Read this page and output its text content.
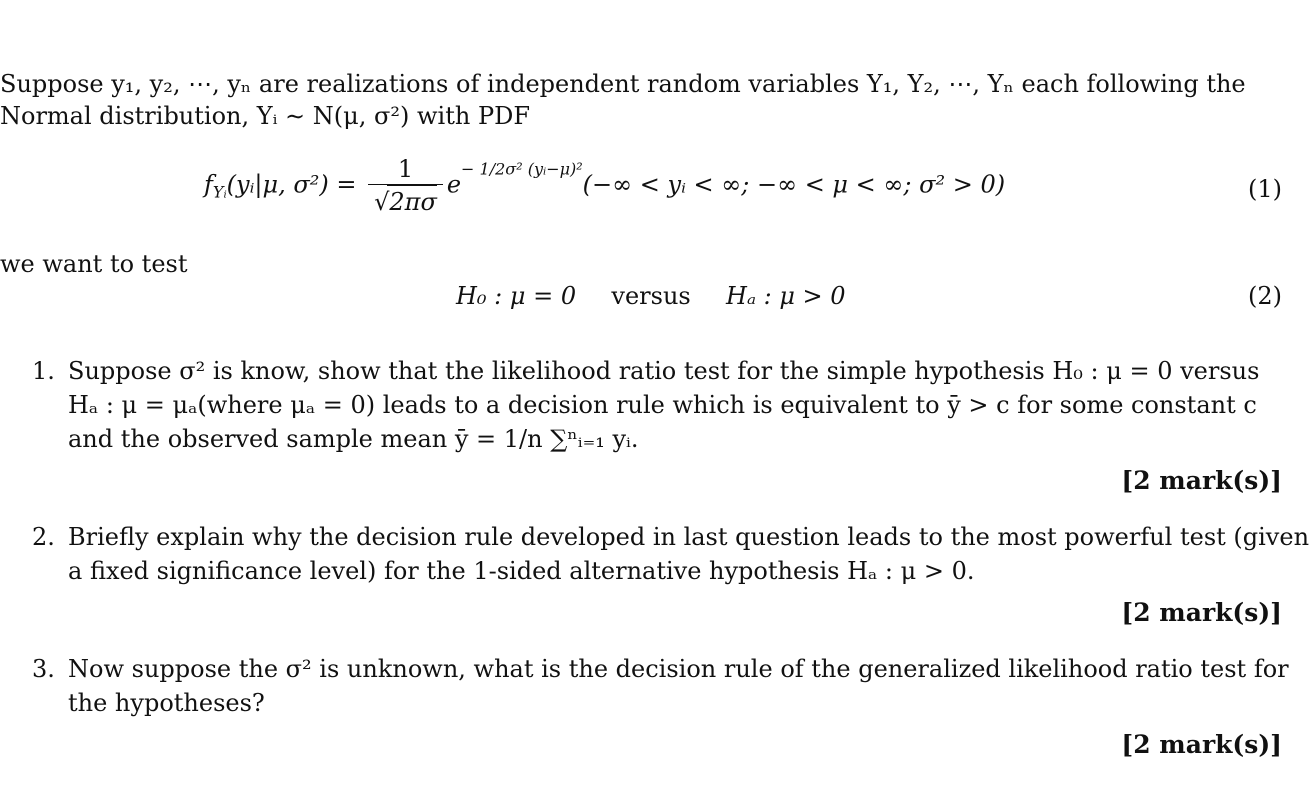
Suppose y₁, y₂, ⋯, yₙ are realizations of independent random variables Y₁, Y₂, ⋯, Yₙ each following the
Normal distribution, Yᵢ ∼ N(μ, σ²) with PDF
$f_{Yᵢ}(yᵢ|\mu$, $\sigma^2) = \frac{1}{√2\pi\sigma} e^{- 1/2\sigma^2 (yᵢ-\mu)^2}(-\infty$ < yᵢ < ∞; −∞ < μ < ∞; σ² > 0)	(1)
we want to test
H₀ : μ = 0 versus Hₐ : μ > 0	(2)
1. Suppose σ² is know, show that the likelihood ratio test for the simple hypothesis H₀ : μ = 0 versus
Hₐ : μ = μₐ(where μₐ = 0) leads to a decision rule which is equivalent to ȳ > c for some constant c
and the observed sample mean ȳ = 1/n ∑ⁿᵢ₌₁ yᵢ.
[2 mark(s)]
2. Briefly explain why the decision rule developed in last question leads to the most powerful test (given
a fixed significance level) for the 1-sided alternative hypothesis Hₐ : μ > 0.
[2 mark(s)]
3. Now suppose the σ² is unknown, what is the decision rule of the generalized likelihood ratio test for
the hypotheses?
[2 mark(s)]
